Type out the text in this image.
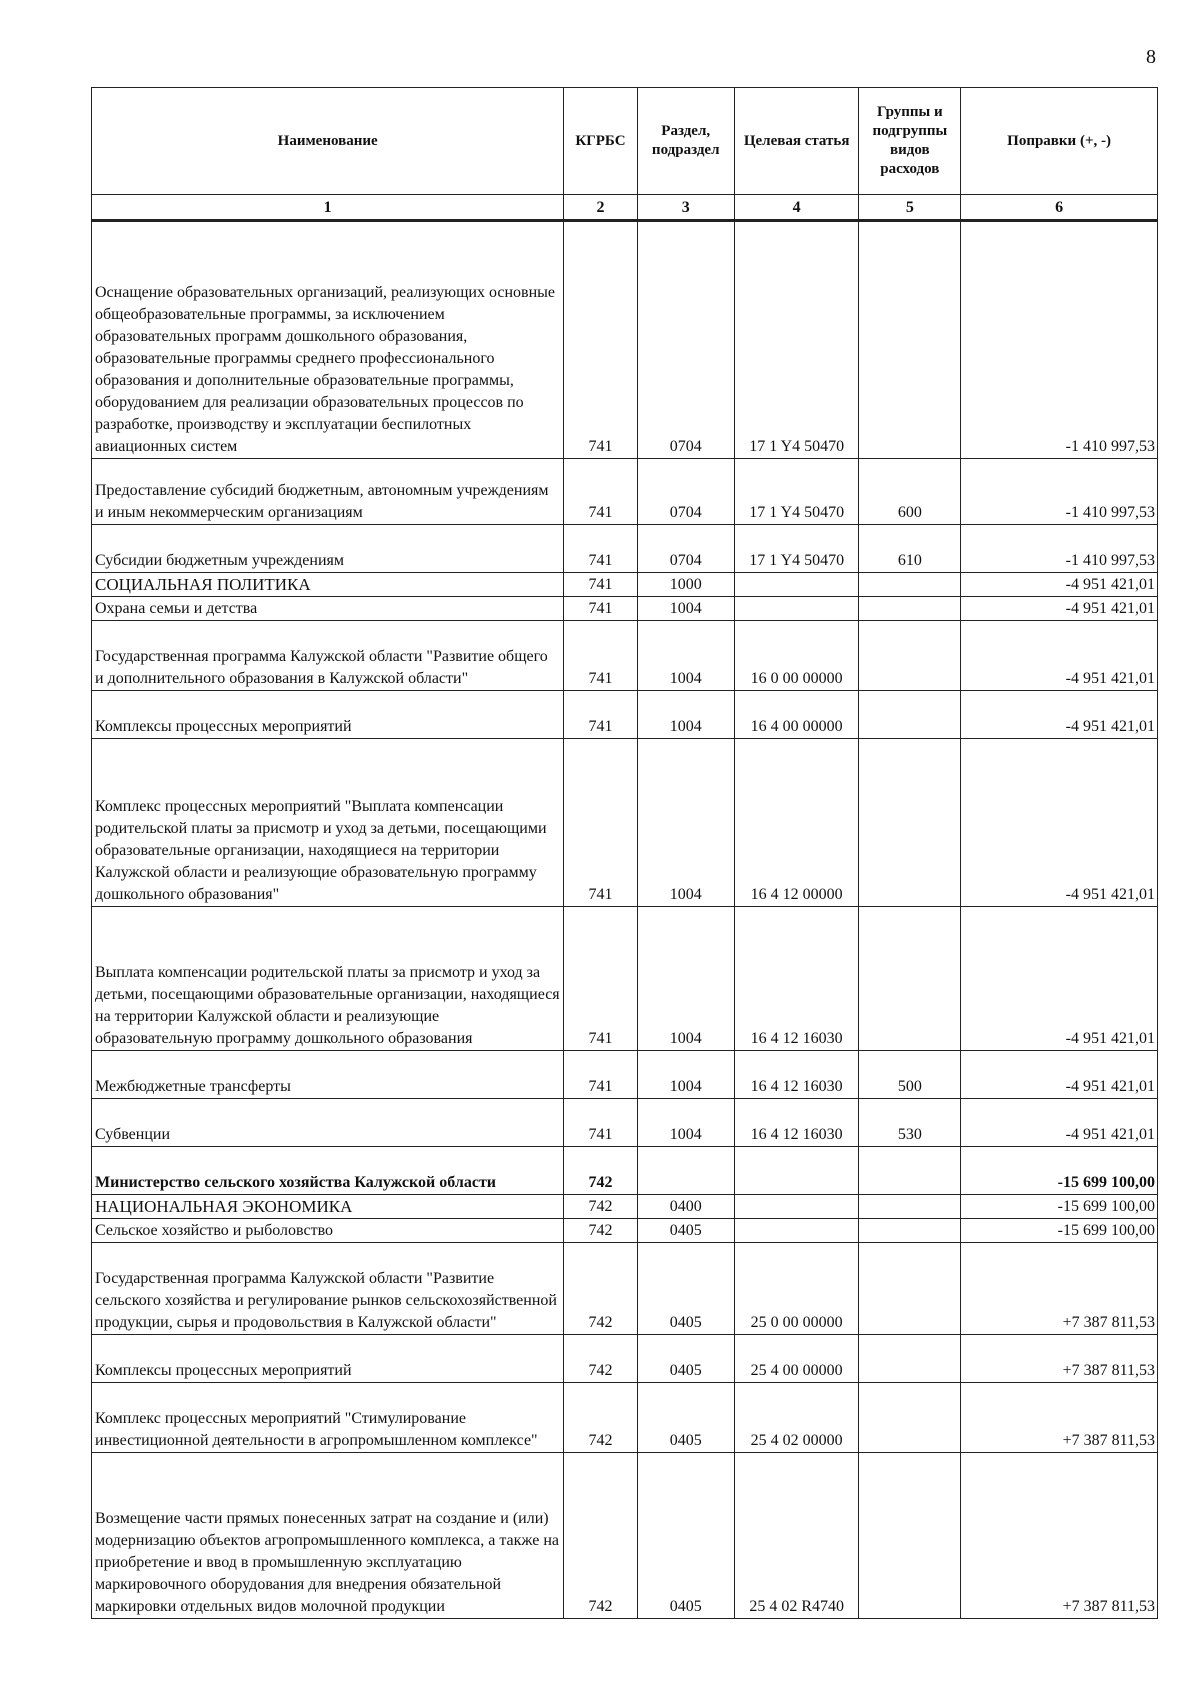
8
Наименование	КГРБС	Раздел, подраздел	Целевая статья	Группы и подгруппы видов расходов	Поправки (+, -)
1	2	3	4	5	6
Оснащение образовательных организаций, реализующих основные общеобразовательные программы, за исключением образовательных программ дошкольного образования, образовательные программы среднего профессионального образования и дополнительные образовательные программы, оборудованием для реализации образовательных процессов по разработке, производству и эксплуатации беспилотных авиационных систем	741	0704	17 1 Y4 50470		-1 410 997,53
Предоставление субсидий бюджетным, автономным учреждениям и иным некоммерческим организациям	741	0704	17 1 Y4 50470	600	-1 410 997,53
Субсидии бюджетным учреждениям	741	0704	17 1 Y4 50470	610	-1 410 997,53
СОЦИАЛЬНАЯ ПОЛИТИКА	741	1000			-4 951 421,01
Охрана семьи и детства	741	1004			-4 951 421,01
Государственная программа Калужской области "Развитие общего и дополнительного образования в Калужской области"	741	1004	16 0 00 00000		-4 951 421,01
Комплексы процессных мероприятий	741	1004	16 4 00 00000		-4 951 421,01
Комплекс процессных мероприятий "Выплата компенсации родительской платы за присмотр и уход за детьми, посещающими образовательные организации, находящиеся на территории Калужской области и реализующие образовательную программу дошкольного образования"	741	1004	16 4 12 00000		-4 951 421,01
Выплата компенсации родительской платы за присмотр и уход за детьми, посещающими образовательные организации, находящиеся на территории Калужской области и реализующие образовательную программу дошкольного образования	741	1004	16 4 12 16030		-4 951 421,01
Межбюджетные трансферты	741	1004	16 4 12 16030	500	-4 951 421,01
Субвенции	741	1004	16 4 12 16030	530	-4 951 421,01
Министерство сельского хозяйства Калужской области	742				-15 699 100,00
НАЦИОНАЛЬНАЯ ЭКОНОМИКА	742	0400			-15 699 100,00
Сельское хозяйство и рыболовство	742	0405			-15 699 100,00
Государственная программа Калужской области "Развитие сельского хозяйства и регулирование рынков сельскохозяйственной продукции, сырья и продовольствия в Калужской области"	742	0405	25 0 00 00000		+7 387 811,53
Комплексы процессных мероприятий	742	0405	25 4 00 00000		+7 387 811,53
Комплекс процессных мероприятий "Стимулирование инвестиционной деятельности в агропромышленном комплексе"	742	0405	25 4 02 00000		+7 387 811,53
Возмещение части прямых понесенных затрат на создание и (или) модернизацию объектов агропромышленного комплекса, а также на приобретение и ввод в промышленную эксплуатацию маркировочного оборудования для внедрения обязательной маркировки отдельных видов молочной продукции	742	0405	25 4 02 R4740		+7 387 811,53
